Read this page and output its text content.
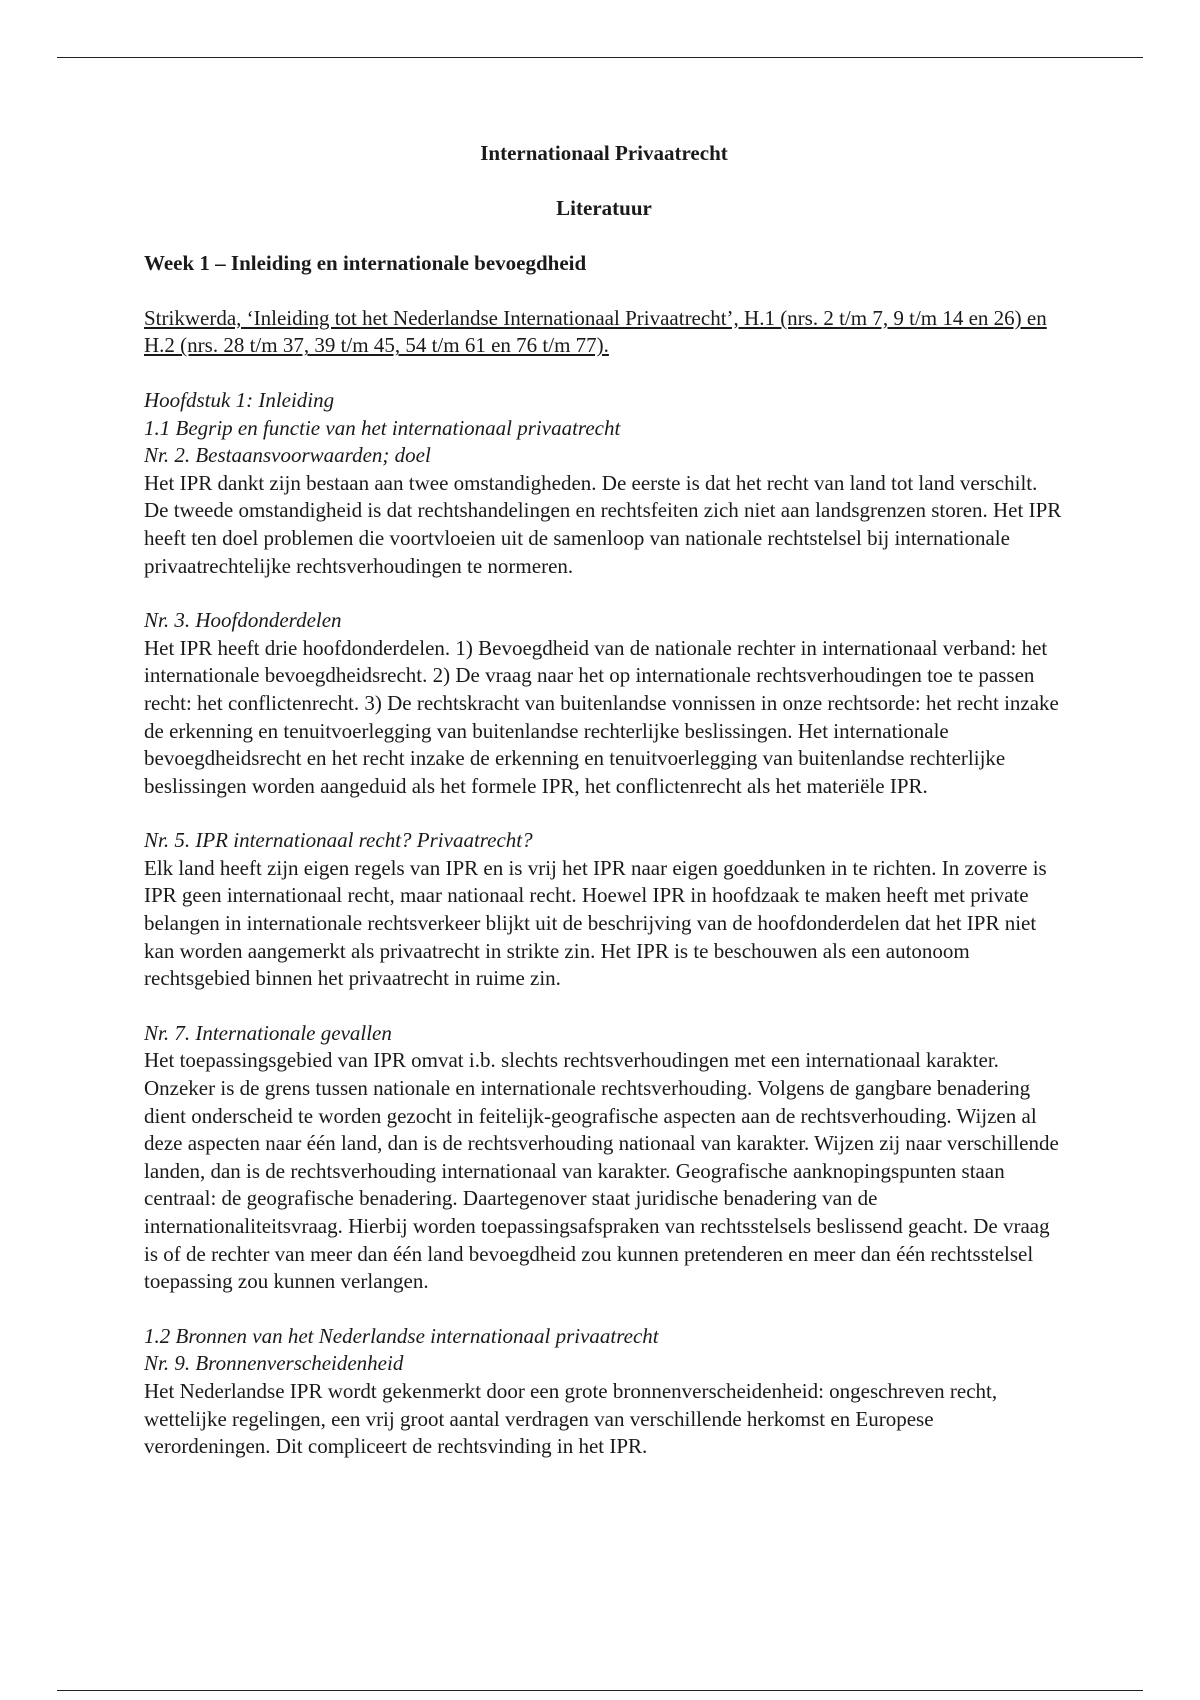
Internationaal Privaatrecht

Literatuur

Week 1 – Inleiding en internationale bevoegdheid

Strikwerda, ‘Inleiding tot het Nederlandse Internationaal Privaatrecht’, H.1 (nrs. 2 t/m 7, 9 t/m 14 en 26) en H.2 (nrs. 28 t/m 37, 39 t/m 45, 54 t/m 61 en 76 t/m 77).

Hoofdstuk 1: Inleiding
1.1 Begrip en functie van het internationaal privaatrecht
Nr. 2. Bestaansvoorwaarden; doel
Het IPR dankt zijn bestaan aan twee omstandigheden. De eerste is dat het recht van land tot land verschilt. De tweede omstandigheid is dat rechtshandelingen en rechtsfeiten zich niet aan landsgrenzen storen. Het IPR heeft ten doel problemen die voortvloeien uit de samenloop van nationale rechtstelsel bij internationale privaatrechtelijke rechtsverhoudingen te normeren.
Nr. 3. Hoofdonderdelen
Het IPR heeft drie hoofdonderdelen. 1) Bevoegdheid van de nationale rechter in internationaal verband: het internationale bevoegdheidsrecht. 2) De vraag naar het op internationale rechtsverhoudingen toe te passen recht: het conflictenrecht. 3) De rechtskracht van buitenlandse vonnissen in onze rechtsorde: het recht inzake de erkenning en tenuitvoerlegging van buitenlandse rechterlijke beslissingen. Het internationale bevoegdheidsrecht en het recht inzake de erkenning en tenuitvoerlegging van buitenlandse rechterlijke beslissingen worden aangeduid als het formele IPR, het conflictenrecht als het materiële IPR.
Nr. 5. IPR internationaal recht? Privaatrecht?
Elk land heeft zijn eigen regels van IPR en is vrij het IPR naar eigen goeddunken in te richten. In zoverre is IPR geen internationaal recht, maar nationaal recht. Hoewel IPR in hoofdzaak te maken heeft met private belangen in internationale rechtsverkeer blijkt uit de beschrijving van de hoofdonderdelen dat het IPR niet kan worden aangemerkt als privaatrecht in strikte zin. Het IPR is te beschouwen als een autonoom rechtsgebied binnen het privaatrecht in ruime zin.
Nr. 7. Internationale gevallen
Het toepassingsgebied van IPR omvat i.b. slechts rechtsverhoudingen met een internationaal karakter. Onzeker is de grens tussen nationale en internationale rechtsverhouding. Volgens de gangbare benadering dient onderscheid te worden gezocht in feitelijk-geografische aspecten aan de rechtsverhouding. Wijzen al deze aspecten naar één land, dan is de rechtsverhouding nationaal van karakter. Wijzen zij naar verschillende landen, dan is de rechtsverhouding internationaal van karakter. Geografische aanknopingspunten staan centraal: de geografische benadering. Daartegenover staat juridische benadering van de internationaliteitsvraag. Hierbij worden toepassingsafspraken van rechtsstelsels beslissend geacht. De vraag is of de rechter van meer dan één land bevoegdheid zou kunnen pretenderen en meer dan één rechtsstelsel toepassing zou kunnen verlangen.
1.2 Bronnen van het Nederlandse internationaal privaatrecht
Nr. 9. Bronnenverscheidenheid
Het Nederlandse IPR wordt gekenmerkt door een grote bronnenverscheidenheid: ongeschreven recht, wettelijke regelingen, een vrij groot aantal verdragen van verschillende herkomst en Europese verordeningen. Dit compliceert de rechtsvinding in het IPR.
